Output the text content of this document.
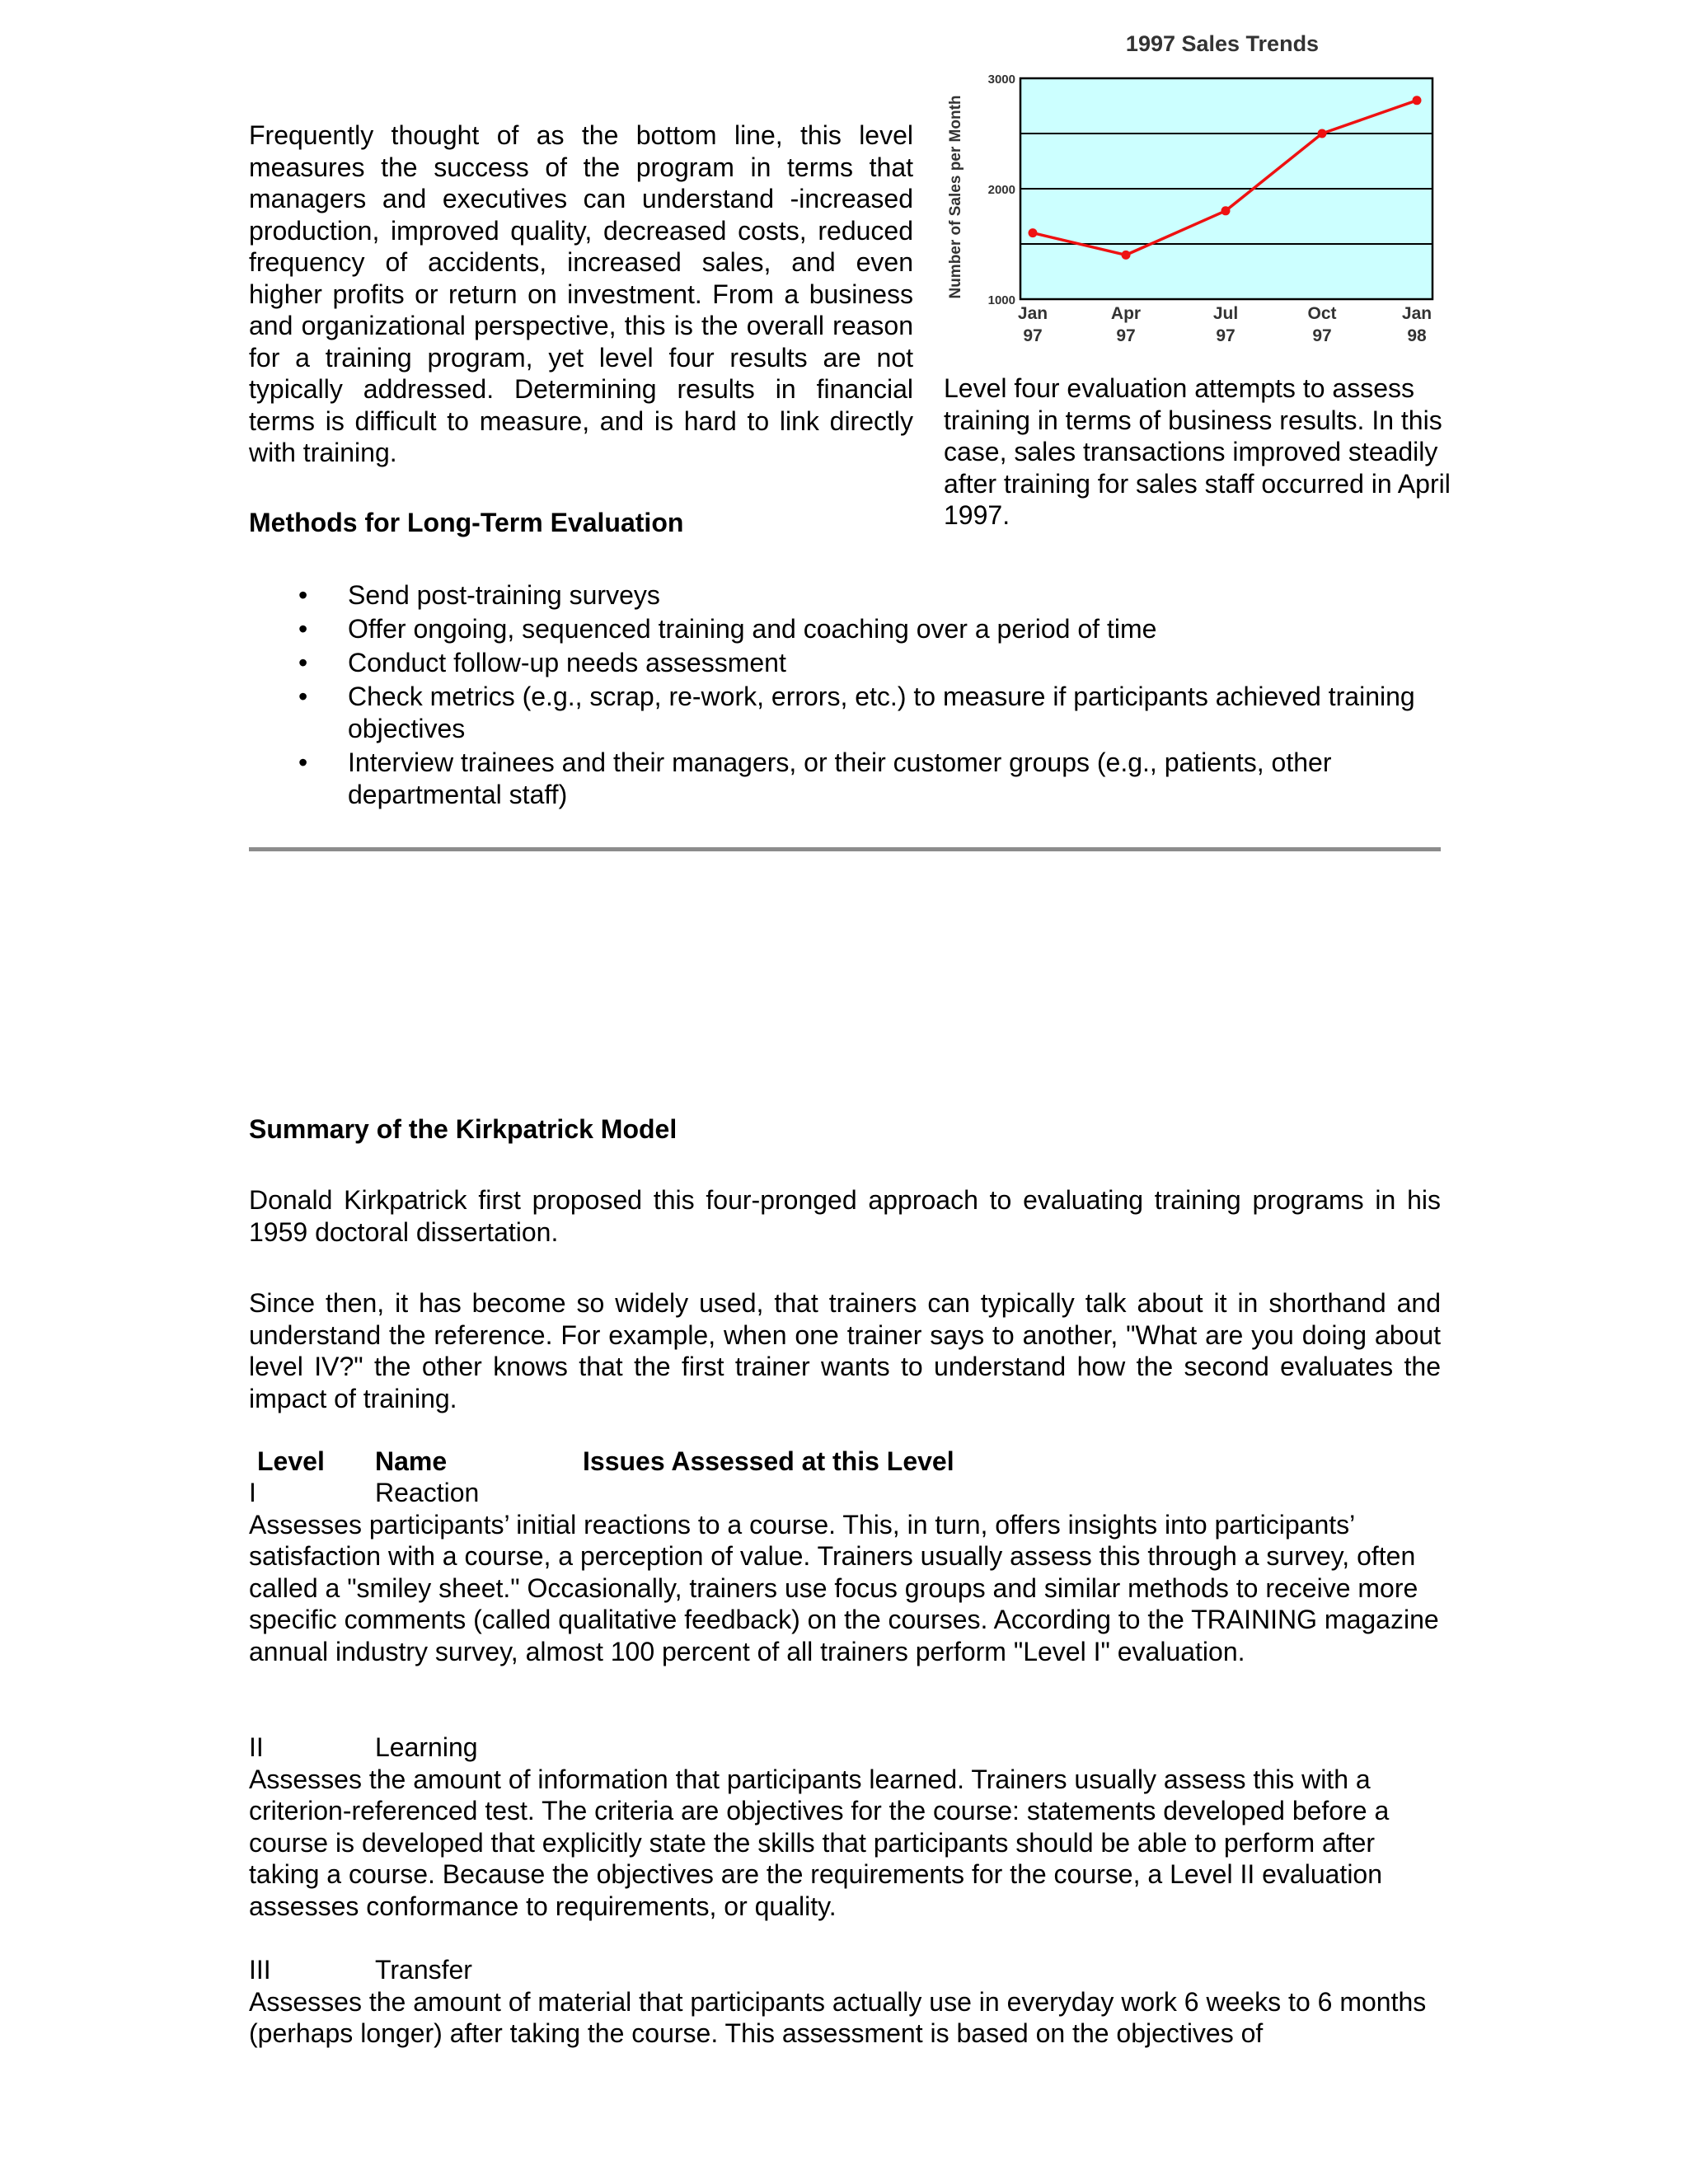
Frequently thought of as the bottom line, this level measures the success of the program in terms that managers and executives can understand -increased production, improved quality, decreased costs, reduced frequency of accidents, increased sales, and even higher profits or return on investment. From a business and organizational perspective, this is the overall reason for a training program, yet level four results are not typically addressed. Determining results in financial terms is difficult to measure, and is hard to link directly with training.

1997 Sales Trends
1000
2000
3000
Jan
97
Apr
97
Jul
97
Oct
97
Jan
98
Number of Sales per Month

Level four evaluation attempts to assess training in terms of business results. In this case, sales transactions improved steadily after training for sales staff occurred in April 1997.

Methods for Long-Term Evaluation
• Send post-training surveys
• Offer ongoing, sequenced training and coaching over a period of time
• Conduct follow-up needs assessment
• Check metrics (e.g., scrap, re-work, errors, etc.) to measure if participants achieved training objectives
• Interview trainees and their managers, or their customer groups (e.g., patients, other departmental staff)
Summary of the Kirkpatrick Model

Donald Kirkpatrick first proposed this four-pronged approach to evaluating training programs in his 1959 doctoral dissertation.

Since then, it has become so widely used, that trainers can typically talk about it in shorthand and understand the reference. For example, when one trainer says to another, "What are you doing about level IV?" the other knows that the first trainer wants to understand how the second evaluates the impact of training.

Level Name	Issues Assessed at this Level
I	Reaction

Assesses participants’ initial reactions to a course. This, in turn, offers insights into participants’ satisfaction with a course, a perception of value. Trainers usually assess this through a survey, often called a "smiley sheet." Occasionally, trainers use focus groups and similar methods to receive more specific comments (called qualitative feedback) on the courses. According to the TRAINING magazine annual industry survey, almost 100 percent of all trainers perform "Level I" evaluation.

II	Learning

Assesses the amount of information that participants learned. Trainers usually assess this with a criterion-referenced test. The criteria are objectives for the course: statements developed before a course is developed that explicitly state the skills that participants should be able to perform after taking a course. Because the objectives are the requirements for the course, a Level II evaluation assesses conformance to requirements, or quality.

III	Transfer

Assesses the amount of material that participants actually use in everyday work 6 weeks to 6 months (perhaps longer) after taking the course. This assessment is based on the objectives of
